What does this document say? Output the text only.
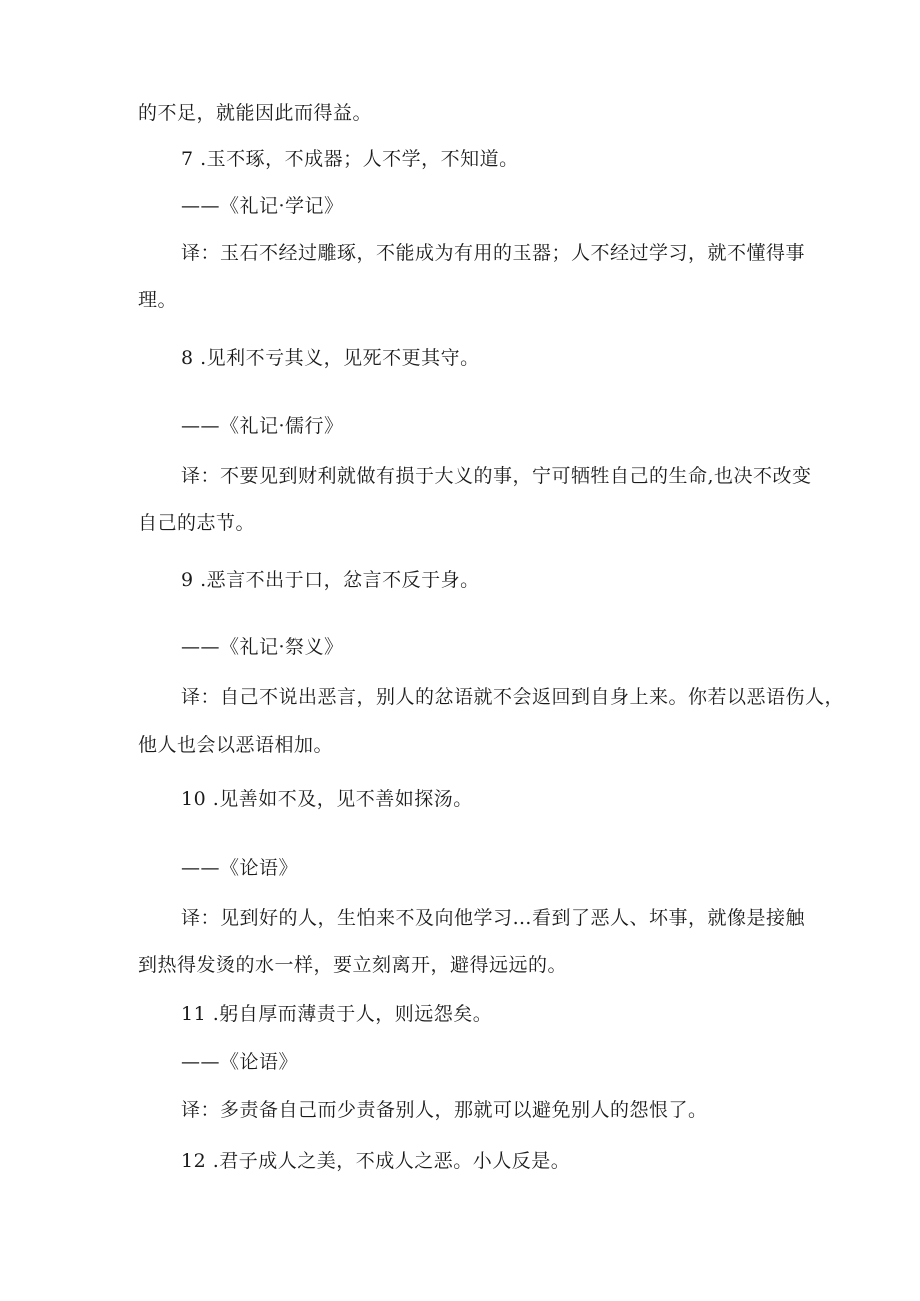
的不足，就能因此而得益。
7 .玉不琢，不成器；人不学，不知道。
——《礼记·学记》
译：玉石不经过雕琢，不能成为有用的玉器；人不经过学习，就不懂得事
理。
8 .见利不亏其义，见死不更其守。
——《礼记·儒行》
译：不要见到财利就做有损于大义的事，宁可牺牲自己的生命,也决不改变
自己的志节。
9 .恶言不出于口，忿言不反于身。
——《礼记·祭义》
译：自己不说出恶言，别人的忿语就不会返回到自身上来。你若以恶语伤人，
他人也会以恶语相加。
10 .见善如不及，见不善如探汤。
——《论语》
译：见到好的人，生怕来不及向他学习…看到了恶人、坏事，就像是接触
到热得发烫的水一样，要立刻离开，避得远远的。
11 .躬自厚而薄责于人，则远怨矣。
——《论语》
译：多责备自己而少责备别人，那就可以避免别人的怨恨了。
12 .君子成人之美，不成人之恶。小人反是。
